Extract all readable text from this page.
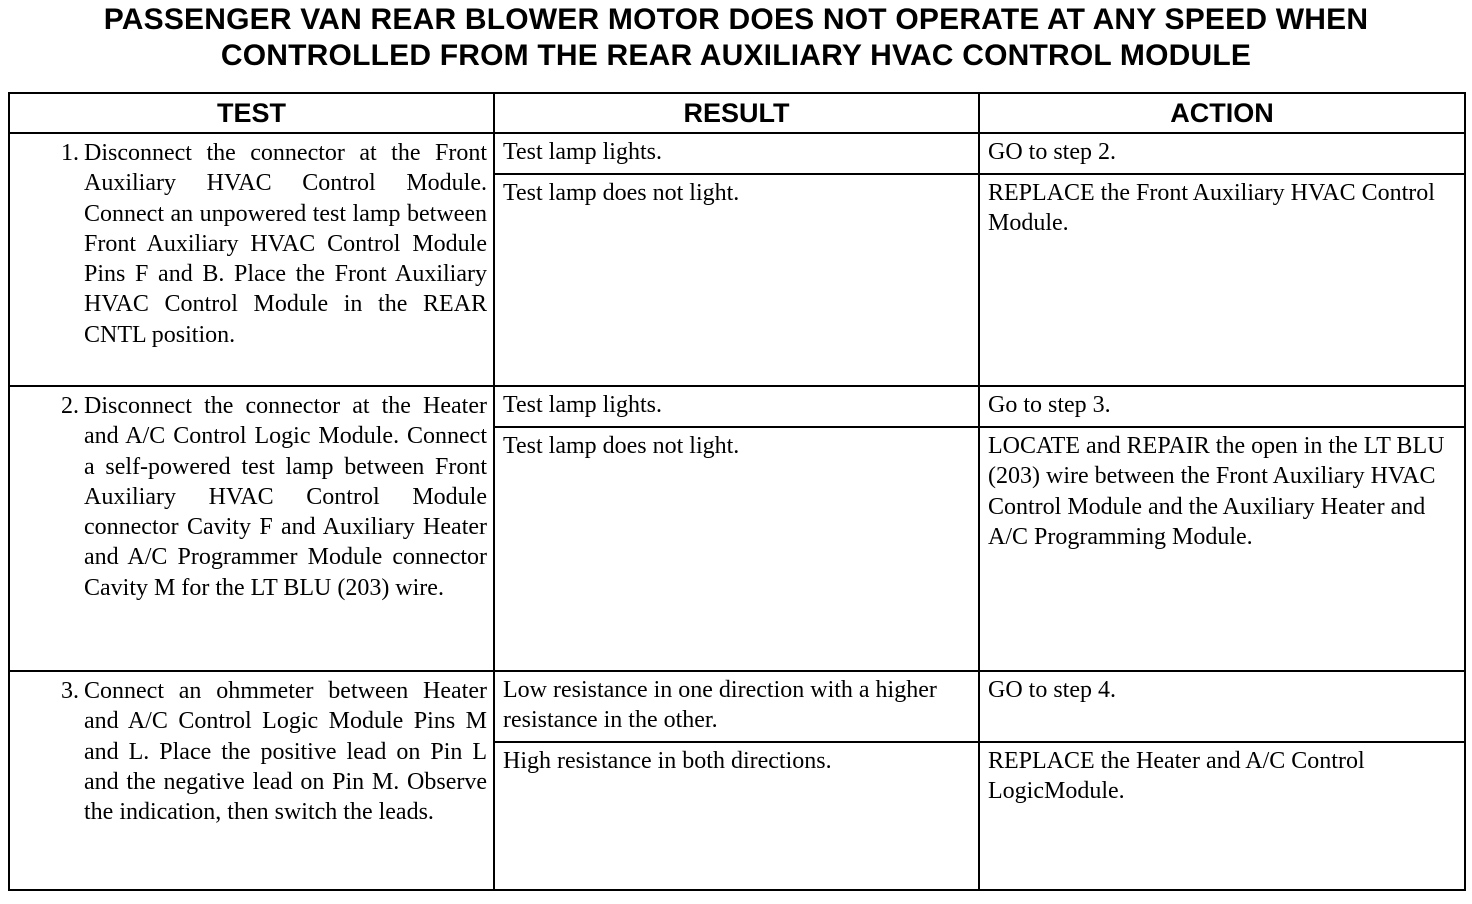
PASSENGER VAN REAR BLOWER MOTOR DOES NOT OPERATE AT ANY SPEED WHEN
CONTROLLED FROM THE REAR AUXILIARY HVAC CONTROL MODULE
TEST	RESULT	ACTION

1. Disconnect the connector at the Front Auxiliary HVAC Control Module. Connect an unpowered test lamp between Front Auxiliary HVAC Control Module Pins F and B. Place the Front Auxiliary HVAC Control Module in the REAR CNTL position.	Test lamp lights.	GO to step 2.
	Test lamp does not light.	REPLACE the Front Auxiliary HVAC Control Module.

2. Disconnect the connector at the Heater and A/C Control Logic Module. Connect a self-powered test lamp between Front Auxiliary HVAC Control Module connector Cavity F and Auxiliary Heater and A/C Programmer Module connector Cavity M for the LT BLU (203) wire.	Test lamp lights.	Go to step 3.
	Test lamp does not light.	LOCATE and REPAIR the open in the LT BLU (203) wire between the Front Auxiliary HVAC Control Module and the Auxiliary Heater and A/C Programming Module.

3. Connect an ohmmeter between Heater and A/C Control Logic Module Pins M and L. Place the positive lead on Pin L and the negative lead on Pin M. Observe the indication, then switch the leads.	Low resistance in one direction with a higher resistance in the other.	GO to step 4.
	High resistance in both directions.	REPLACE the Heater and A/C Control LogicModule.
